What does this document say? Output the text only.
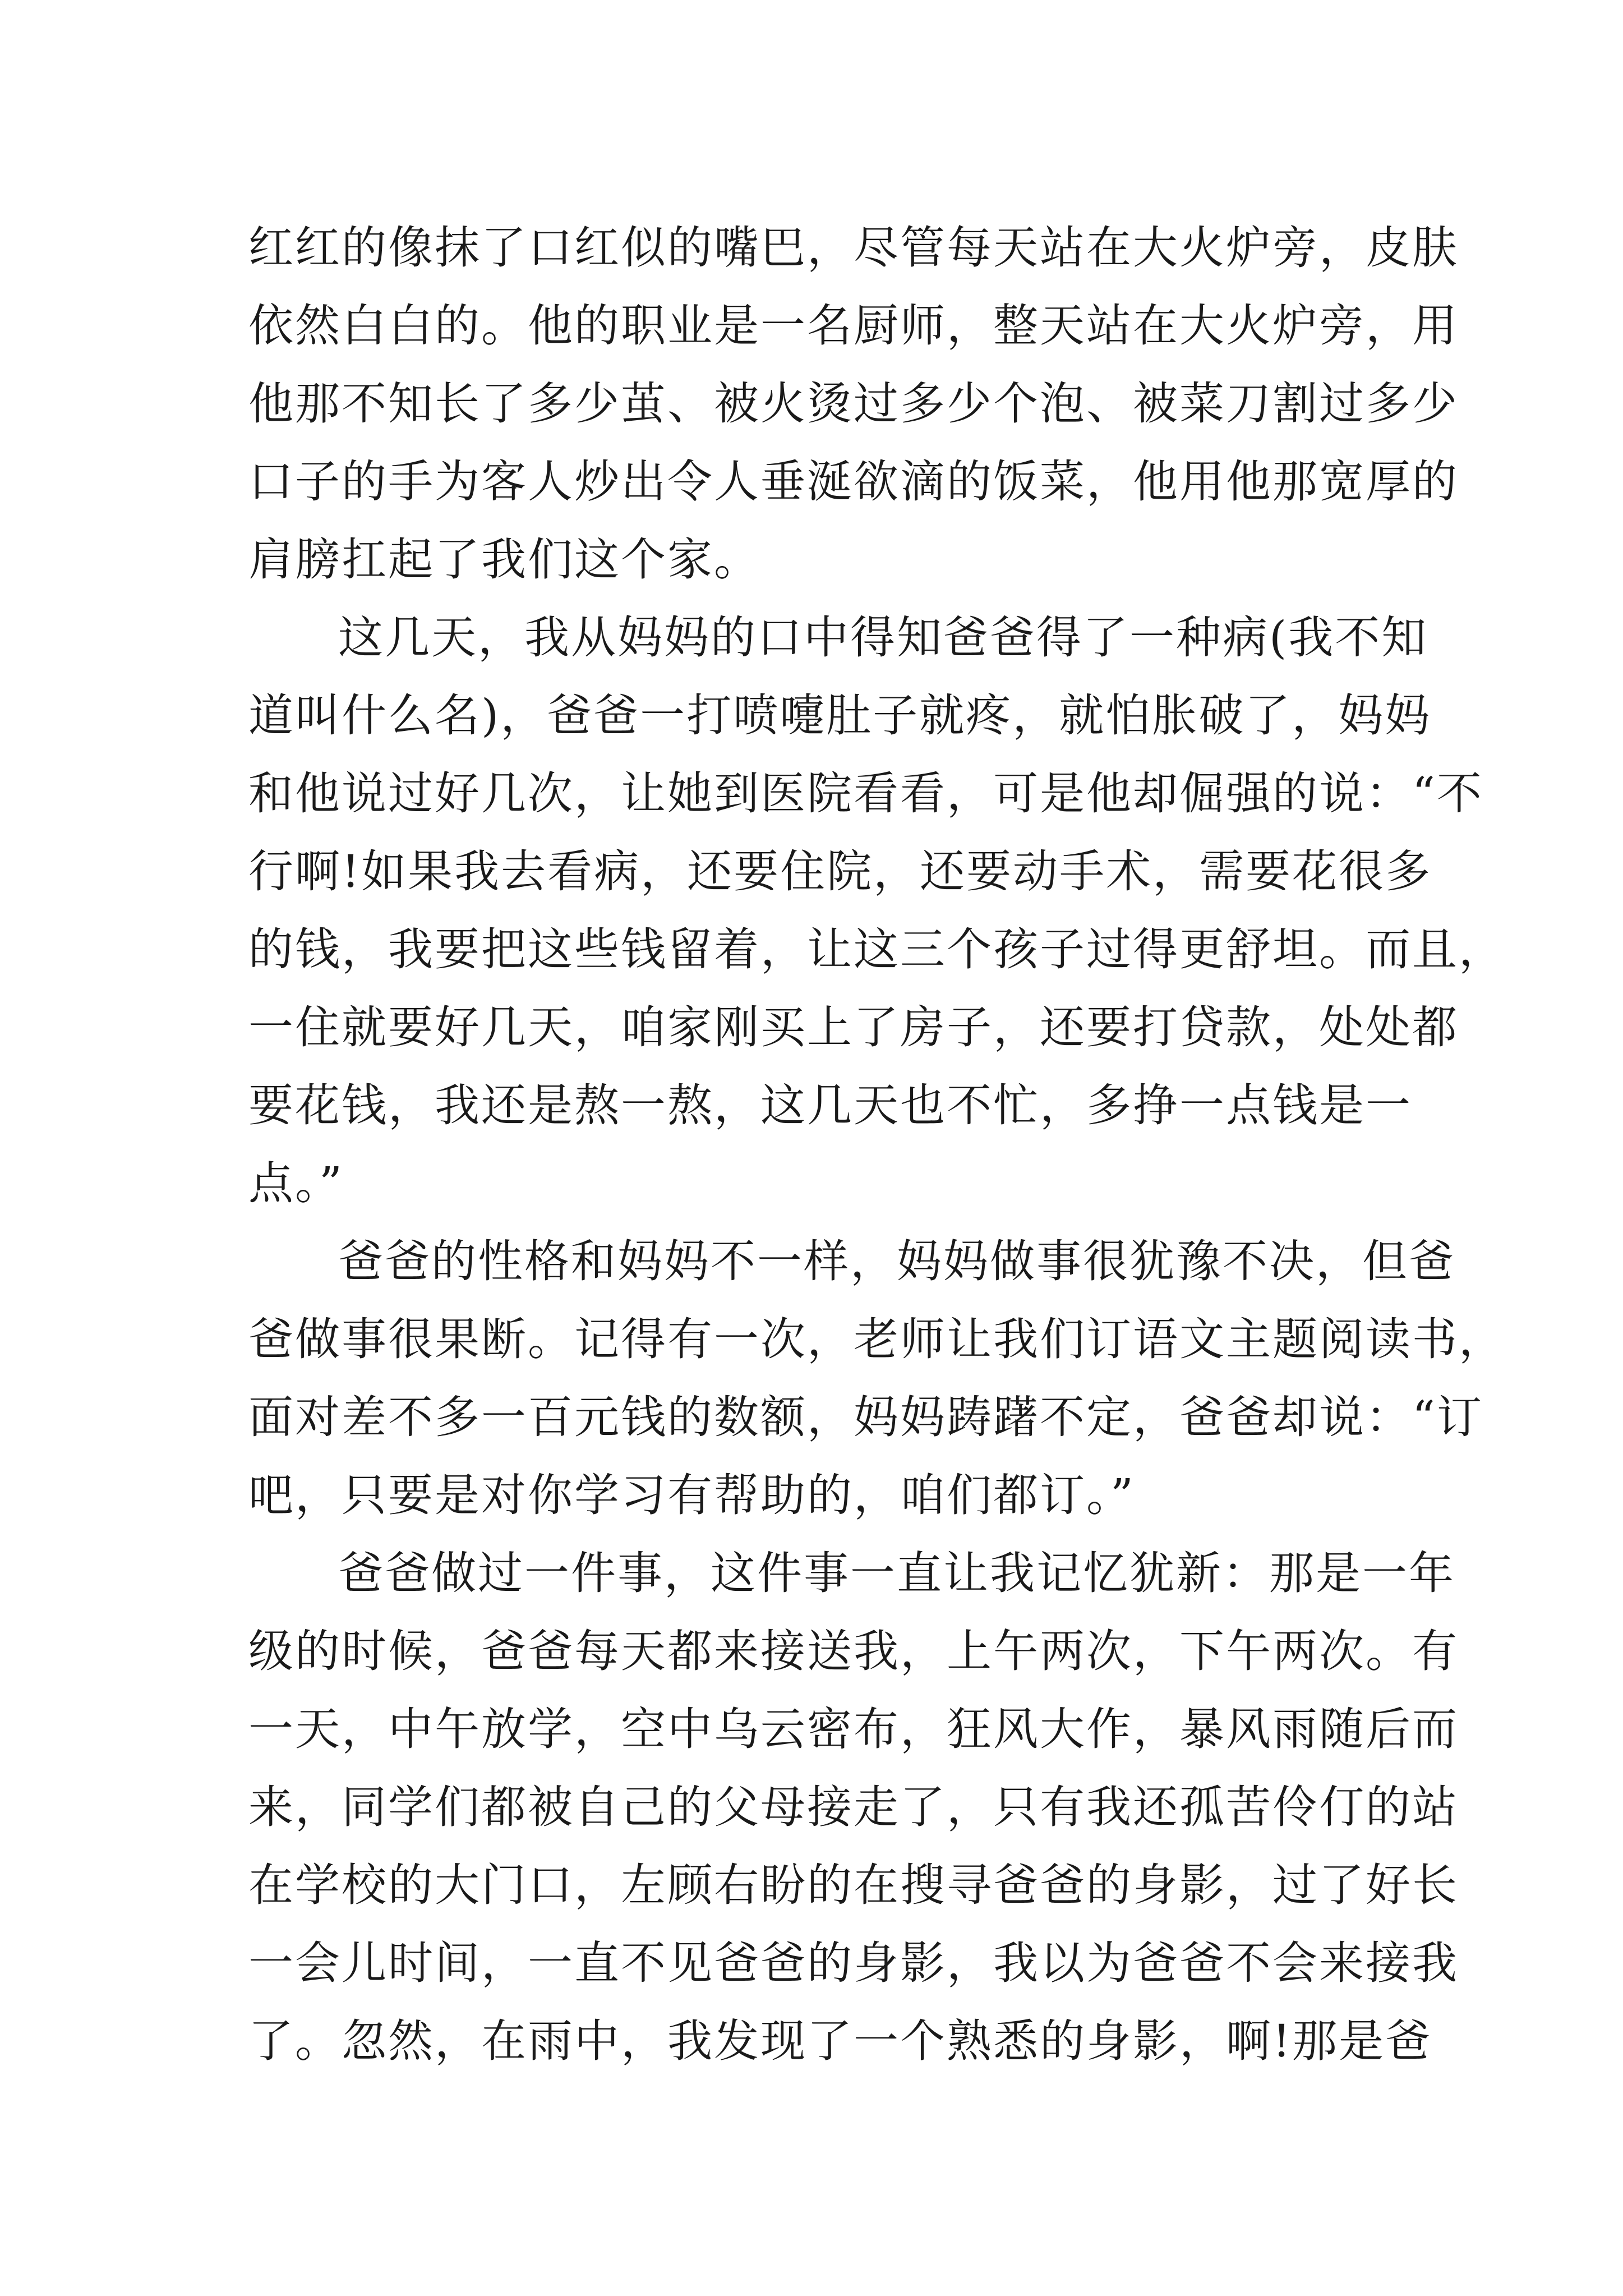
红红的像抹了口红似的嘴巴，尽管每天站在大火炉旁，皮肤
依然白白的。他的职业是一名厨师，整天站在大火炉旁，用
他那不知长了多少茧、被火烫过多少个泡、被菜刀割过多少
口子的手为客人炒出令人垂涎欲滴的饭菜，他用他那宽厚的
肩膀扛起了我们这个家。
这几天，我从妈妈的口中得知爸爸得了一种病(我不知
道叫什么名)，爸爸一打喷嚏肚子就疼，就怕胀破了，妈妈
和他说过好几次，让她到医院看看，可是他却倔强的说：“不
行啊!如果我去看病，还要住院，还要动手术，需要花很多
的钱，我要把这些钱留着，让这三个孩子过得更舒坦。而且，
一住就要好几天，咱家刚买上了房子，还要打贷款，处处都
要花钱，我还是熬一熬，这几天也不忙，多挣一点钱是一
点。”
爸爸的性格和妈妈不一样，妈妈做事很犹豫不决，但爸
爸做事很果断。记得有一次，老师让我们订语文主题阅读书，
面对差不多一百元钱的数额，妈妈踌躇不定，爸爸却说：“订
吧，只要是对你学习有帮助的，咱们都订。”
爸爸做过一件事，这件事一直让我记忆犹新：那是一年
级的时候，爸爸每天都来接送我，上午两次，下午两次。有
一天，中午放学，空中乌云密布，狂风大作，暴风雨随后而
来，同学们都被自己的父母接走了，只有我还孤苦伶仃的站
在学校的大门口，左顾右盼的在搜寻爸爸的身影，过了好长
一会儿时间，一直不见爸爸的身影，我以为爸爸不会来接我
了。忽然，在雨中，我发现了一个熟悉的身影，啊!那是爸
